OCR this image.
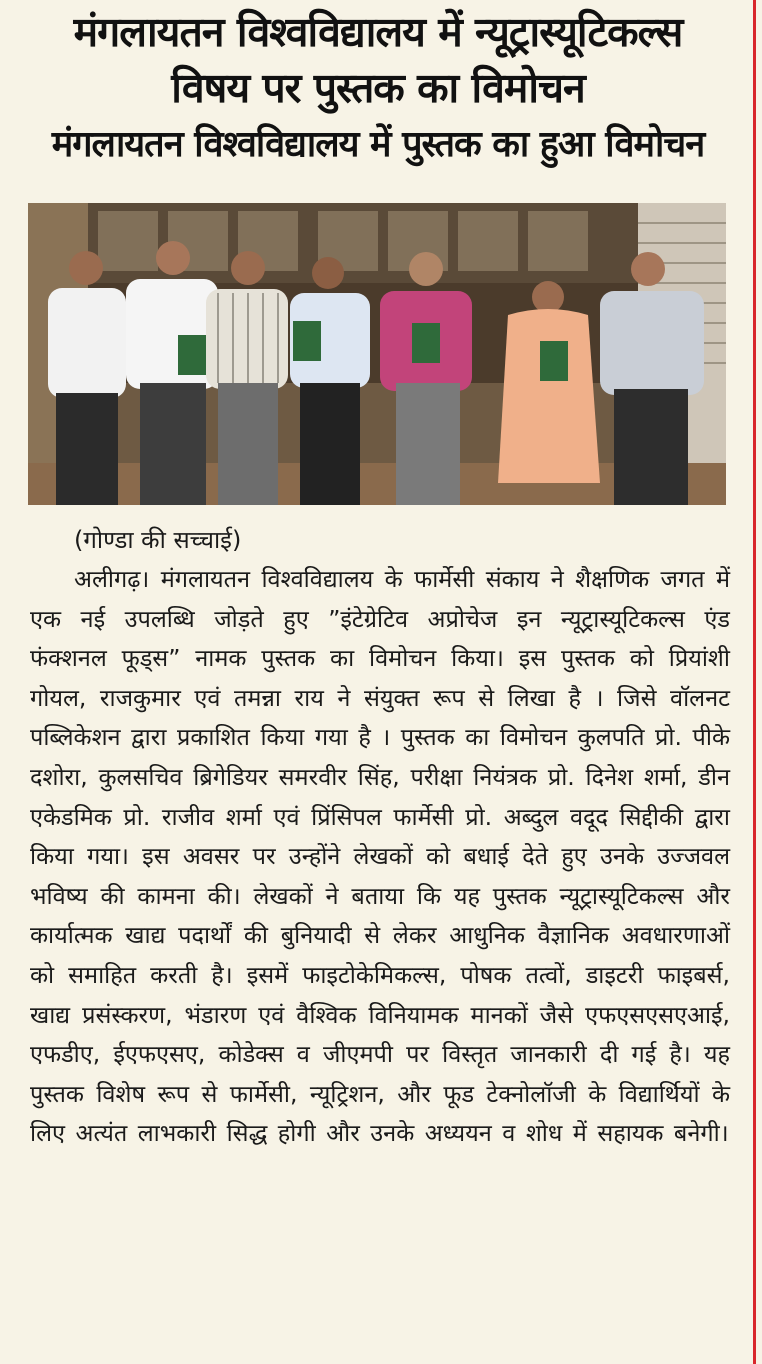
मंगलायतन विश्वविद्यालय में न्यूट्रास्यूटिकल्स
विषय पर पुस्तक का विमोचन
मंगलायतन विश्वविद्यालय में पुस्तक का हुआ विमोचन

(गोण्डा की सच्चाई)

अलीगढ़। मंगलायतन विश्वविद्यालय के फार्मेसी संकाय ने शैक्षणिक जगत में एक नई उपलब्धि जोड़ते हुए ”इंटेग्रेटिव अप्रोचेज इन न्यूट्रास्यूटिकल्स एंड फंक्शनल फूड्स” नामक पुस्तक का विमोचन किया। इस पुस्तक को प्रियांशी गोयल, राजकुमार एवं तमन्ना राय ने संयुक्त रूप से लिखा है । जिसे वॉलनट पब्लिकेशन द्वारा प्रकाशित किया गया है । पुस्तक का विमोचन कुलपति प्रो. पीके दशोरा, कुलसचिव ब्रिगेडियर समरवीर सिंह, परीक्षा नियंत्रक प्रो. दिनेश शर्मा, डीन एकेडमिक प्रो. राजीव शर्मा एवं प्रिंसिपल फार्मेसी प्रो. अब्दुल वदूद सिद्दीकी द्वारा किया गया। इस अवसर पर उन्होंने लेखकों को बधाई देते हुए उनके उज्जवल भविष्य की कामना की। लेखकों ने बताया कि यह पुस्तक न्यूट्रास्यूटिकल्स और कार्यात्मक खाद्य पदार्थों की बुनियादी से लेकर आधुनिक वैज्ञानिक अवधारणाओं को समाहित करती है। इसमें फाइटोकेमिकल्स, पोषक तत्वों, डाइटरी फाइबर्स, खाद्य प्रसंस्करण, भंडारण एवं वैश्विक विनियामक मानकों जैसे एफएसएसएआई, एफडीए, ईएफएसए, कोडेक्स व जीएमपी पर विस्तृत जानकारी दी गई है। यह पुस्तक विशेष रूप से फार्मेसी, न्यूट्रिशन, और फूड टेक्नोलॉजी के विद्यार्थियों के लिए अत्यंत लाभकारी सिद्ध होगी और उनके अध्ययन व शोध में सहायक बनेगी।
